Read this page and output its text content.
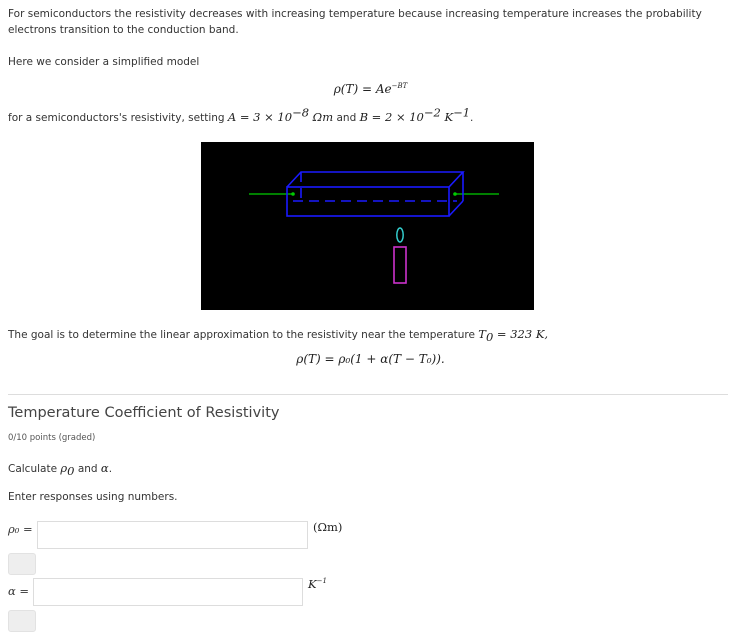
For semiconductors the resistivity decreases with increasing temperature because increasing temperature increases the probability electrons transition to the conduction band.
Here we consider a simplified model
$\rho(T) = Ae^{-BT}$
for a semiconductors's resistivity, setting $A = 3 \times 10^{-8}$ Ωm and $B = 2 \times 10^{-2}$ $K^{-1}$.
The goal is to determine the linear approximation to the resistivity near the temperature $T_0 = 323$ K,
ρ(T) = ρ₀(1 + α(T − T₀)).
Temperature Coefficient of Resistivity
0/10 points (graded)
Calculate $\rho_0$ and α.
Enter responses using numbers.
ρ₀ =	(Ωm)
α =	$K^{-1}$
